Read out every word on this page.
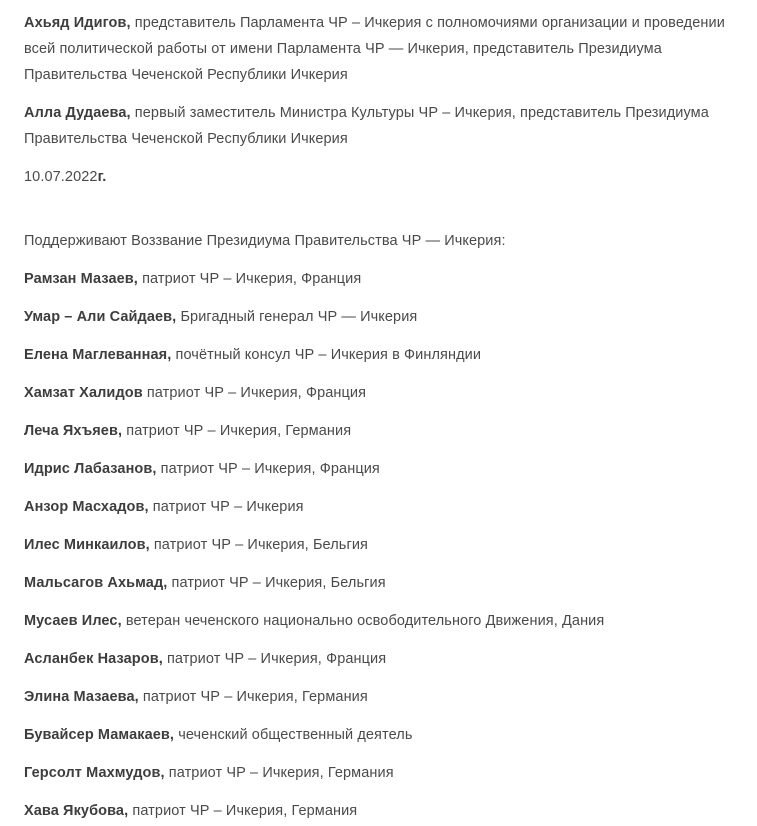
Ахьяд Идигов, представитель Парламента ЧР – Ичкерия с полномочиями организации и проведении всей политической работы от имени Парламента ЧР — Ичкерия, представитель Президиума Правительства Чеченской Республики Ичкерия

Алла Дудаева, первый заместитель Министра Культуры ЧР – Ичкерия, представитель Президиума Правительства Чеченской Республики Ичкерия

10.07.2022г.

Поддерживают Воззвание Президиума Правительства ЧР — Ичкерия:

Рамзан Мазаев, патриот ЧР – Ичкерия, Франция

Умар – Али Сайдаев, Бригадный генерал ЧР — Ичкерия

Елена Маглеванная, почётный консул ЧР – Ичкерия в Финляндии

Хамзат Халидов патриот ЧР – Ичкерия, Франция

Леча Яхъяев, патриот ЧР – Ичкерия, Германия

Идрис Лабазанов, патриот ЧР – Ичкерия, Франция

Анзор Масхадов, патриот ЧР – Ичкерия

Илес Минкаилов, патриот ЧР – Ичкерия, Бельгия

Мальсагов Ахьмад, патриот ЧР – Ичкерия, Бельгия

Мусаев Илес, ветеран чеченского национально освободительного Движения, Дания

Асланбек Назаров, патриот ЧР – Ичкерия, Франция

Элина Мазаева, патриот ЧР – Ичкерия, Германия

Бувайсер Мамакаев, чеченский общественный деятель

Герсолт Махмудов, патриот ЧР – Ичкерия, Германия

Хава Якубова, патриот ЧР – Ичкерия, Германия
